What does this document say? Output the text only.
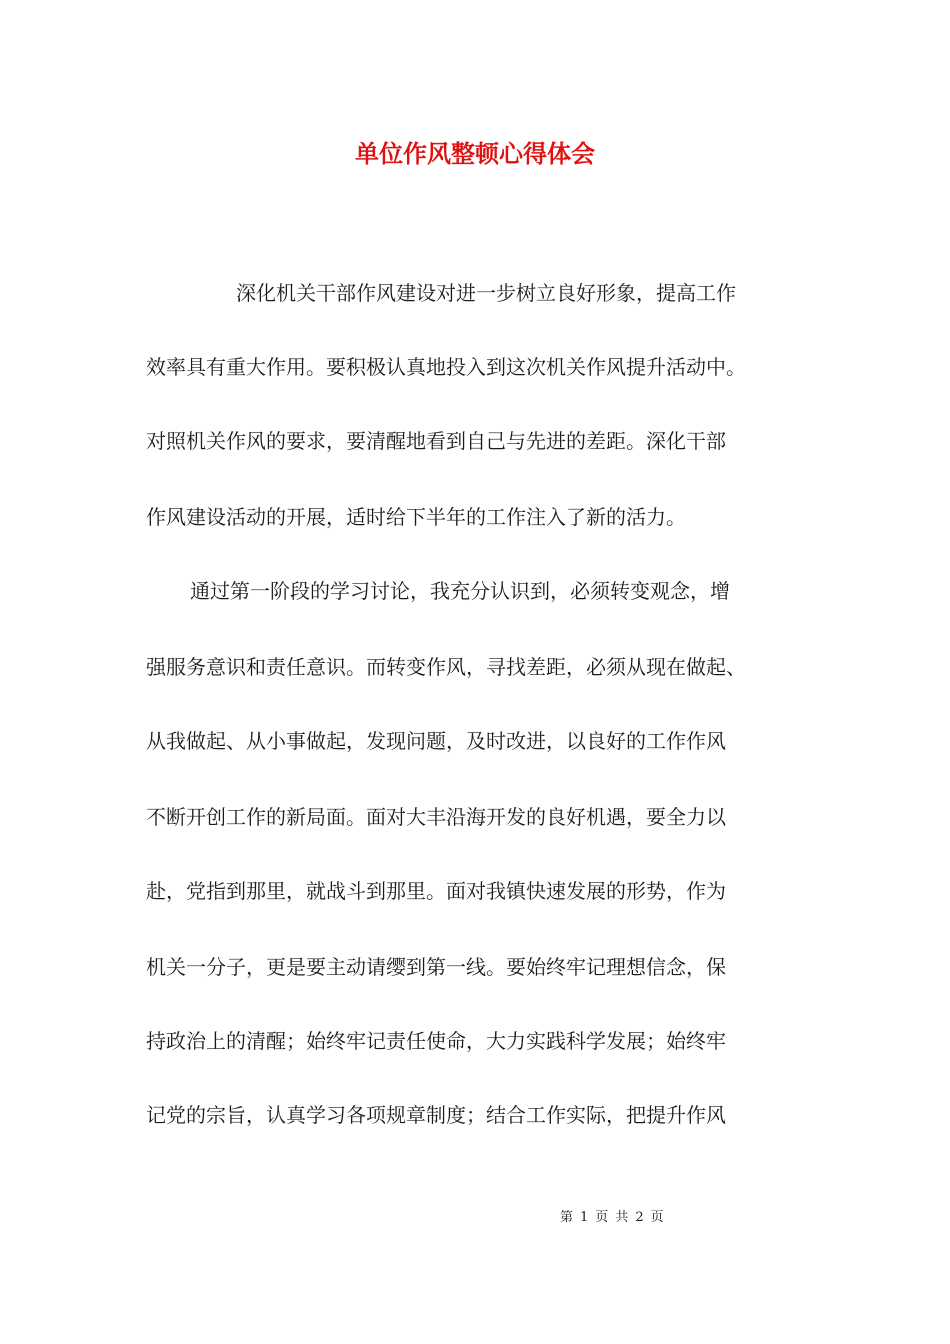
单位作风整顿心得体会

深化机关干部作风建设对进一步树立良好形象，提高工作

效率具有重大作用。要积极认真地投入到这次机关作风提升活动中。

对照机关作风的要求，要清醒地看到自己与先进的差距。深化干部

作风建设活动的开展，适时给下半年的工作注入了新的活力。

通过第一阶段的学习讨论，我充分认识到，必须转变观念，增

强服务意识和责任意识。而转变作风，寻找差距，必须从现在做起、

从我做起、从小事做起，发现问题，及时改进，以良好的工作作风

不断开创工作的新局面。面对大丰沿海开发的良好机遇，要全力以

赴，党指到那里，就战斗到那里。面对我镇快速发展的形势，作为

机关一分子，更是要主动请缨到第一线。要始终牢记理想信念，保

持政治上的清醒；始终牢记责任使命，大力实践科学发展；始终牢

记党的宗旨，认真学习各项规章制度；结合工作实际，把提升作风

第 1 页 共 2 页
